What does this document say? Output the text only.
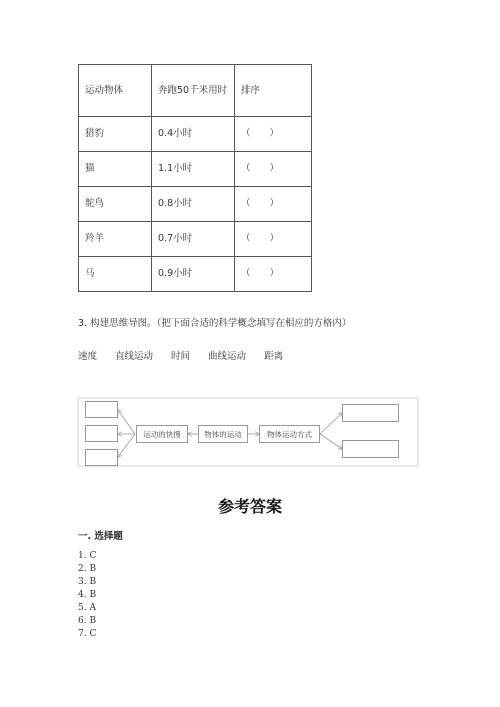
运动物体	奔跑50千米用时	排序
猎豹	0.4小时	（　　）
猫	1.1小时	（　　）
鸵鸟	0.8小时	（　　）
羚羊	0.7小时	（　　）
马	0.9小时	（　　）
3. 构建思维导图。（把下面合适的科学概念填写在相应的方格内）
速度 直线运动 时间 曲线运动 距离
运动的快慢	物体的运动	物体运动方式
参考答案
一. 选择题
1. C
2. B
3. B
4. B
5. A
6. B
7. C
